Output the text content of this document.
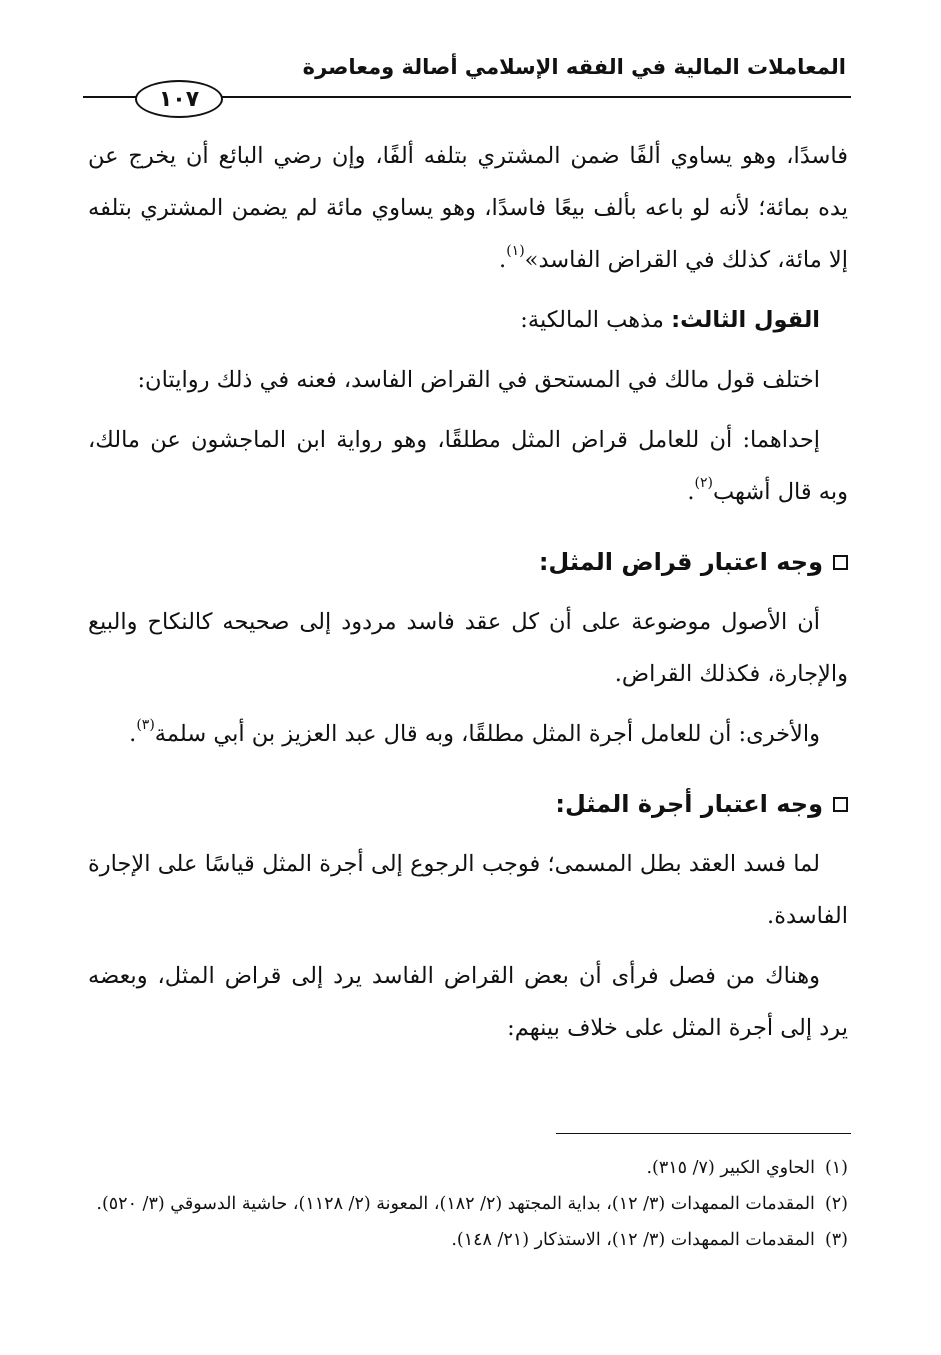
المعاملات المالية في الفقه الإسلامي أصالة ومعاصرة
١٠٧

فاسدًا، وهو يساوي ألفًا ضمن المشتري بتلفه ألفًا، وإن رضي البائع أن يخرج عن يده بمائة؛ لأنه لو باعه بألف بيعًا فاسدًا، وهو يساوي مائة لم يضمن المشتري بتلفه إلا مائة، كذلك في القراض الفاسد»$^{(١)}$.

القول الثالث: مذهب المالكية:

اختلف قول مالك في المستحق في القراض الفاسد، فعنه في ذلك روايتان:

إحداهما: أن للعامل قراض المثل مطلقًا، وهو رواية ابن الماجشون عن مالك، وبه قال أشهب$^{(٢)}$.

وجه اعتبار قراض المثل:

أن الأصول موضوعة على أن كل عقد فاسد مردود إلى صحيحه كالنكاح والبيع والإجارة، فكذلك القراض.

والأخرى: أن للعامل أجرة المثل مطلقًا، وبه قال عبد العزيز بن أبي سلمة$^{(٣)}$.

وجه اعتبار أجرة المثل:

لما فسد العقد بطل المسمى؛ فوجب الرجوع إلى أجرة المثل قياسًا على الإجارة الفاسدة.

وهناك من فصل فرأى أن بعض القراض الفاسد يرد إلى قراض المثل، وبعضه يرد إلى أجرة المثل على خلاف بينهم:

(١)
الحاوي الكبير (٧/ ٣١٥).

(٢)
المقدمات الممهدات (٣/ ١٢)، بداية المجتهد (٢/ ١٨٢)، المعونة (٢/ ١١٢٨)، حاشية الدسوقي (٣/ ٥٢٠).

(٣)
المقدمات الممهدات (٣/ ١٢)، الاستذكار (٢١/ ١٤٨).
